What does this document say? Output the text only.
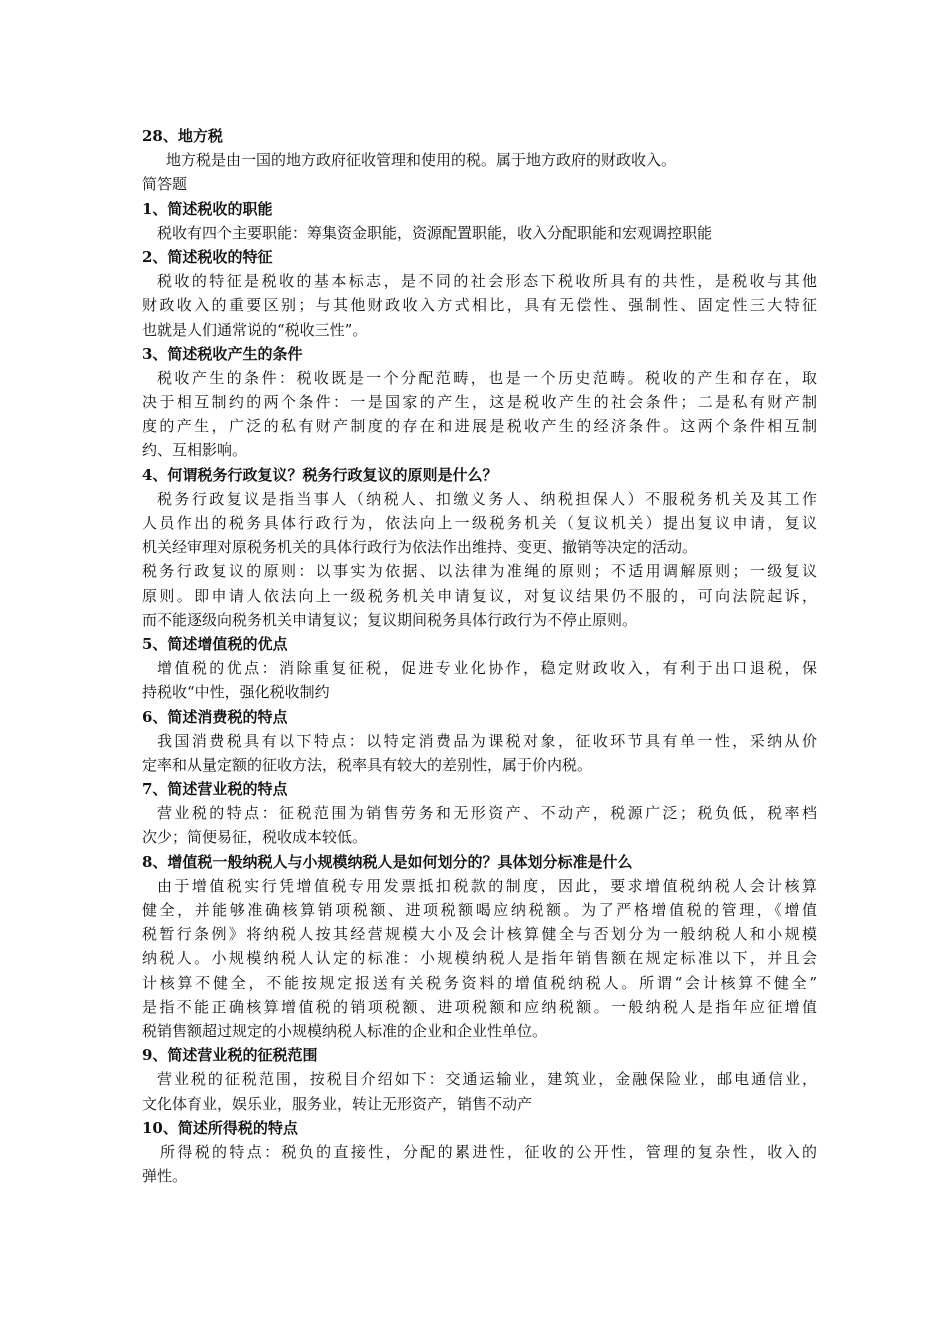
28、地方税
地方税是由一国的地方政府征收管理和使用的税。属于地方政府的财政收入。
简答题
1、简述税收的职能
税收有四个主要职能：筹集资金职能，资源配置职能，收入分配职能和宏观调控职能
2、简述税收的特征
税收的特征是税收的基本标志，是不同的社会形态下税收所具有的共性，是税收与其他
财政收入的重要区别；与其他财政收入方式相比，具有无偿性、强制性、固定性三大特征
也就是人们通常说的“税收三性”。
3、简述税收产生的条件
税收产生的条件：税收既是一个分配范畴，也是一个历史范畴。税收的产生和存在，取
决于相互制约的两个条件：一是国家的产生，这是税收产生的社会条件；二是私有财产制
度的产生，广泛的私有财产制度的存在和进展是税收产生的经济条件。这两个条件相互制
约、互相影响。
4、何谓税务行政复议？税务行政复议的原则是什么？
税务行政复议是指当事人（纳税人、扣缴义务人、纳税担保人）不服税务机关及其工作
人员作出的税务具体行政行为，依法向上一级税务机关（复议机关）提出复议申请，复议
机关经审理对原税务机关的具体行政行为依法作出维持、变更、撤销等决定的活动。
税务行政复议的原则：以事实为依据、以法律为准绳的原则；不适用调解原则；一级复议
原则。即申请人依法向上一级税务机关申请复议，对复议结果仍不服的，可向法院起诉，
而不能逐级向税务机关申请复议；复议期间税务具体行政行为不停止原则。
5、简述增值税的优点
增值税的优点：消除重复征税，促进专业化协作，稳定财政收入，有利于出口退税，保
持税收“中性，强化税收制约
6、简述消费税的特点
我国消费税具有以下特点：以特定消费品为课税对象，征收环节具有单一性，采纳从价
定率和从量定额的征收方法，税率具有较大的差别性，属于价内税。
7、简述营业税的特点
营业税的特点：征税范围为销售劳务和无形资产、不动产，税源广泛；税负低，税率档
次少；简便易征，税收成本较低。
8、增值税一般纳税人与小规模纳税人是如何划分的？具体划分标准是什么
由于增值税实行凭增值税专用发票抵扣税款的制度，因此，要求增值税纳税人会计核算
健全，并能够准确核算销项税额、进项税额喝应纳税额。为了严格增值税的管理，《增值
税暂行条例》将纳税人按其经营规模大小及会计核算健全与否划分为一般纳税人和小规模
纳税人。小规模纳税人认定的标准：小规模纳税人是指年销售额在规定标准以下，并且会
计核算不健全，不能按规定报送有关税务资料的增值税纳税人。所谓“会计核算不健全”
是指不能正确核算增值税的销项税额、进项税额和应纳税额。一般纳税人是指年应征增值
税销售额超过规定的小规模纳税人标准的企业和企业性单位。
9、简述营业税的征税范围
营业税的征税范围，按税目介绍如下：交通运输业，建筑业，金融保险业，邮电通信业，
文化体育业，娱乐业，服务业，转让无形资产，销售不动产
10、简述所得税的特点
所得税的特点：税负的直接性，分配的累进性，征收的公开性，管理的复杂性，收入的
弹性。
